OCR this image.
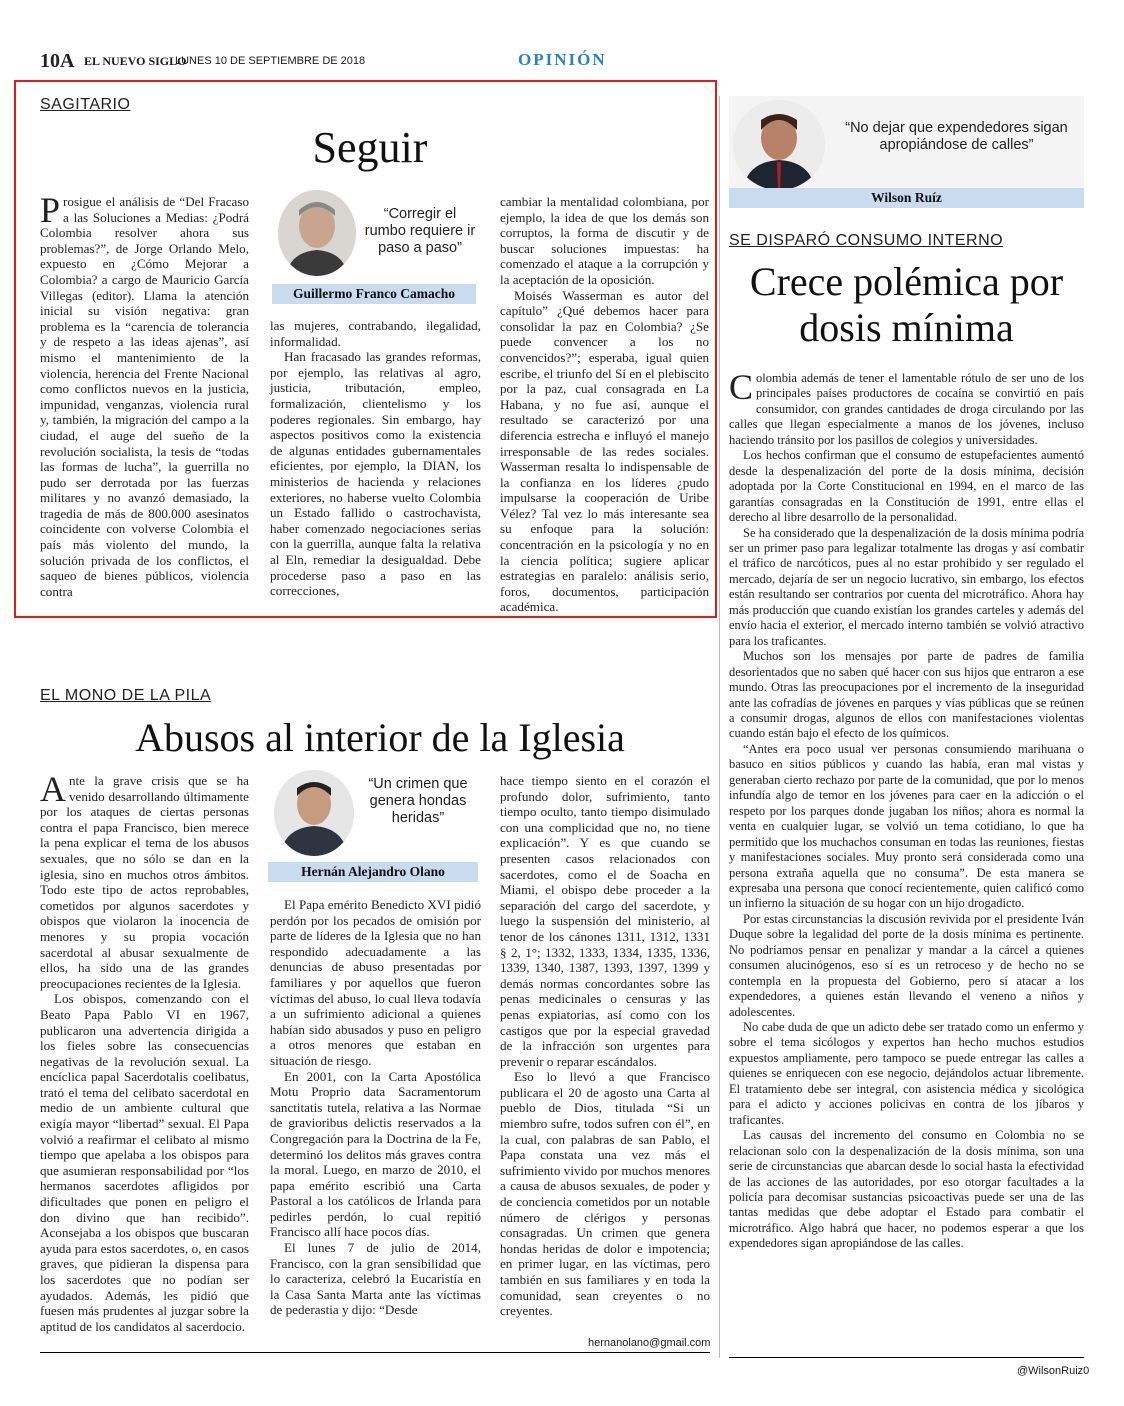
10A EL NUEVO SIGLO
LUNES 10 DE SEPTIEMBRE DE 2018	OPINIÓN
SAGITARIO
Seguir

Prosigue el análisis de “Del Fracaso a las Soluciones a Medias: ¿Podrá Colombia resolver ahora sus problemas?”, de Jorge Orlando Melo, expuesto en ¿Cómo Mejorar a Colombia? a cargo de Mauricio García Villegas (editor). Llama la atención inicial su visión negativa: gran problema es la “carencia de tolerancia y de respeto a las ideas ajenas”, así mismo el mantenimiento de la violencia, herencia del Frente Nacional como conflictos nuevos en la justicia, impunidad, venganzas, violencia rural y, también, la migración del campo a la ciudad, el auge del sueño de la revolución socialista, la tesis de “todas las formas de lucha”, la guerrilla no pudo ser derrotada por las fuerzas militares y no avanzó demasiado, la tragedia de más de 800.000 asesinatos coincidente con volverse Colombia el país más violento del mundo, la solución privada de los conflictos, el saqueo de bienes públicos, violencia contra

“Corregir el rumbo requiere ir paso a paso”
Guillermo Franco Camacho

las mujeres, contrabando, ilegalidad, informalidad.

Han fracasado las grandes reformas, por ejemplo, las relativas al agro, justicia, tributación, empleo, formalización, clientelismo y los poderes regionales. Sin embargo, hay aspectos positivos como la existencia de algunas entidades gubernamentales eficientes, por ejemplo, la DIAN, los ministerios de hacienda y relaciones exteriores, no haberse vuelto Colombia un Estado fallido o castrochavista, haber comenzado negociaciones serias con la guerrilla, aunque falta la relativa al Eln, remediar la desigualdad. Debe procederse paso a paso en las correcciones,

cambiar la mentalidad colombiana, por ejemplo, la idea de que los demás son corruptos, la forma de discutir y de buscar soluciones impuestas: ha comenzado el ataque a la corrupción y la aceptación de la oposición.

Moisés Wasserman es autor del capítulo” ¿Qué debemos hacer para consolidar la paz en Colombia? ¿Se puede convencer a los no convencidos?”; esperaba, igual quien escribe, el triunfo del Sí en el plebiscito por la paz, cual consagrada en La Habana, y no fue así, aunque el resultado se caracterizó por una diferencia estrecha e influyó el manejo irresponsable de las redes sociales. Wasserman resalta lo indispensable de la confianza en los líderes ¿pudo impulsarse la cooperación de Uribe Vélez? Tal vez lo más interesante sea su enfoque para la solución: concentración en la psicología y no en la ciencia política; sugiere aplicar estrategias en paralelo: análisis serio, foros, documentos, participación académica.

EL MONO DE LA PILA
Abusos al interior de la Iglesia

Ante la grave crisis que se ha venido desarrollando últimamente por los ataques de ciertas personas contra el papa Francisco, bien merece la pena explicar el tema de los abusos sexuales, que no sólo se dan en la iglesia, sino en muchos otros ámbitos. Todo este tipo de actos reprobables, cometidos por algunos sacerdotes y obispos que violaron la inocencia de menores y su propia vocación sacerdotal al abusar sexualmente de ellos, ha sido una de las grandes preocupaciones recientes de la Iglesia.

Los obispos, comenzando con el Beato Papa Pablo VI en 1967, publicaron una advertencia dirigida a los fieles sobre las consecuencias negativas de la revolución sexual. La encíclica papal Sacerdotalis coelibatus, trató el tema del celibato sacerdotal en medio de un ambiente cultural que exigía mayor “libertad” sexual. El Papa volvió a reafirmar el celibato al mismo tiempo que apelaba a los obispos para que asumieran responsabilidad por “los hermanos sacerdotes afligidos por dificultades que ponen en peligro el don divino que han recibido”. Aconsejaba a los obispos que buscaran ayuda para estos sacerdotes, o, en casos graves, que pidieran la dispensa para los sacerdotes que no podían ser ayudados. Además, les pidió que fuesen más prudentes al juzgar sobre la aptitud de los candidatos al sacerdocio.

“Un crimen que genera hondas heridas”
Hernán Alejandro Olano

El Papa emérito Benedicto XVI pidió perdón por los pecados de omisión por parte de líderes de la Iglesia que no han respondido adecuadamente a las denuncias de abuso presentadas por familiares y por aquellos que fueron víctimas del abuso, lo cual lleva todavía a un sufrimiento adicional a quienes habían sido abusados y puso en peligro a otros menores que estaban en situación de riesgo.

En 2001, con la Carta Apostólica Motu Proprio data Sacramentorum sanctitatis tutela, relativa a las Normae de gravioribus delictis reservados a la Congregación para la Doctrina de la Fe, determinó los delitos más graves contra la moral. Luego, en marzo de 2010, el papa emérito escribió una Carta Pastoral a los católicos de Irlanda para pedirles perdón, lo cual repitió Francisco allí hace pocos días.

El lunes 7 de julio de 2014, Francisco, con la gran sensibilidad que lo caracteriza, celebró la Eucaristía en la Casa Santa Marta ante las víctimas de pederastia y dijo: “Desde

hace tiempo siento en el corazón el profundo dolor, sufrimiento, tanto tiempo oculto, tanto tiempo disimulado con una complicidad que no, no tiene explicación”. Y es que cuando se presenten casos relacionados con sacerdotes, como el de Soacha en Miami, el obispo debe proceder a la separación del cargo del sacerdote, y luego la suspensión del ministerio, al tenor de los cánones 1311, 1312, 1331 § 2, 1°; 1332, 1333, 1334, 1335, 1336, 1339, 1340, 1387, 1393, 1397, 1399 y demás normas concordantes sobre las penas medicinales o censuras y las penas expiatorias, así como con los castigos que por la especial gravedad de la infracción son urgentes para prevenir o reparar escándalos.

Eso lo llevó a que Francisco publicara el 20 de agosto una Carta al pueblo de Dios, titulada “Si un miembro sufre, todos sufren con él”, en la cual, con palabras de san Pablo, el Papa constata una vez más el sufrimiento vivido por muchos menores a causa de abusos sexuales, de poder y de conciencia cometidos por un notable número de clérigos y personas consagradas. Un crimen que genera hondas heridas de dolor e impotencia; en primer lugar, en las víctimas, pero también en sus familiares y en toda la comunidad, sean creyentes o no creyentes.

hernanolano@gmail.com
“No dejar que expendedores sigan apropiándose de calles”
Wilson Ruíz
SE DISPARÓ CONSUMO INTERNO
Crece polémica por dosis mínima

Colombia además de tener el lamentable rótulo de ser uno de los principales países productores de cocaína se convirtió en país consumidor, con grandes cantidades de droga circulando por las calles que llegan especialmente a manos de los jóvenes, incluso haciendo tránsito por los pasillos de colegios y universidades.

Los hechos confirman que el consumo de estupefacientes aumentó desde la despenalización del porte de la dosis mínima, decisión adoptada por la Corte Constitucional en 1994, en el marco de las garantías consagradas en la Constitución de 1991, entre ellas el derecho al libre desarrollo de la personalidad.

Se ha considerado que la despenalización de la dosis mínima podría ser un primer paso para legalizar totalmente las drogas y así combatir el tráfico de narcóticos, pues al no estar prohibido y ser regulado el mercado, dejaría de ser un negocio lucrativo, sin embargo, los efectos están resultando ser contrarios por cuenta del microtráfico. Ahora hay más producción que cuando existían los grandes carteles y además del envío hacia el exterior, el mercado interno también se volvió atractivo para los traficantes.

Muchos son los mensajes por parte de padres de familia desorientados que no saben qué hacer con sus hijos que entraron a ese mundo. Otras las preocupaciones por el incremento de la inseguridad ante las cofradías de jóvenes en parques y vías públicas que se reúnen a consumir drogas, algunos de ellos con manifestaciones violentas cuando están bajo el efecto de los químicos.

“Antes era poco usual ver personas consumiendo marihuana o basuco en sitios públicos y cuando las había, eran mal vistas y generaban cierto rechazo por parte de la comunidad, que por lo menos infundía algo de temor en los jóvenes para caer en la adicción o el respeto por los parques donde jugaban los niños; ahora es normal la venta en cualquier lugar, se volvió un tema cotidiano, lo que ha permitido que los muchachos consuman en todas las reuniones, fiestas y manifestaciones sociales. Muy pronto será considerada como una persona extraña aquella que no consuma”. De esta manera se expresaba una persona que conocí recientemente, quien calificó como un infierno la situación de su hogar con un hijo drogadicto.

Por estas circunstancias la discusión revivida por el presidente Iván Duque sobre la legalidad del porte de la dosis mínima es pertinente. No podríamos pensar en penalizar y mandar a la cárcel a quienes consumen alucinógenos, eso sí es un retroceso y de hecho no se contempla en la propuesta del Gobierno, pero sí atacar a los expendedores, a quienes están llevando el veneno a niños y adolescentes.

No cabe duda de que un adicto debe ser tratado como un enfermo y sobre el tema sicólogos y expertos han hecho muchos estudios expuestos ampliamente, pero tampoco se puede entregar las calles a quienes se enriquecen con ese negocio, dejándolos actuar libremente. El tratamiento debe ser integral, con asistencia médica y sicológica para el adicto y acciones policivas en contra de los jíbaros y traficantes.

Las causas del incremento del consumo en Colombia no se relacionan solo con la despenalización de la dosis mínima, son una serie de circunstancias que abarcan desde lo social hasta la efectividad de las acciones de las autoridades, por eso otorgar facultades a la policía para decomisar sustancias psicoactivas puede ser una de las tantas medidas que debe adoptar el Estado para combatir el microtráfico. Algo habrá que hacer, no podemos esperar a que los expendedores sigan apropiándose de las calles.

@WilsonRuiz0
